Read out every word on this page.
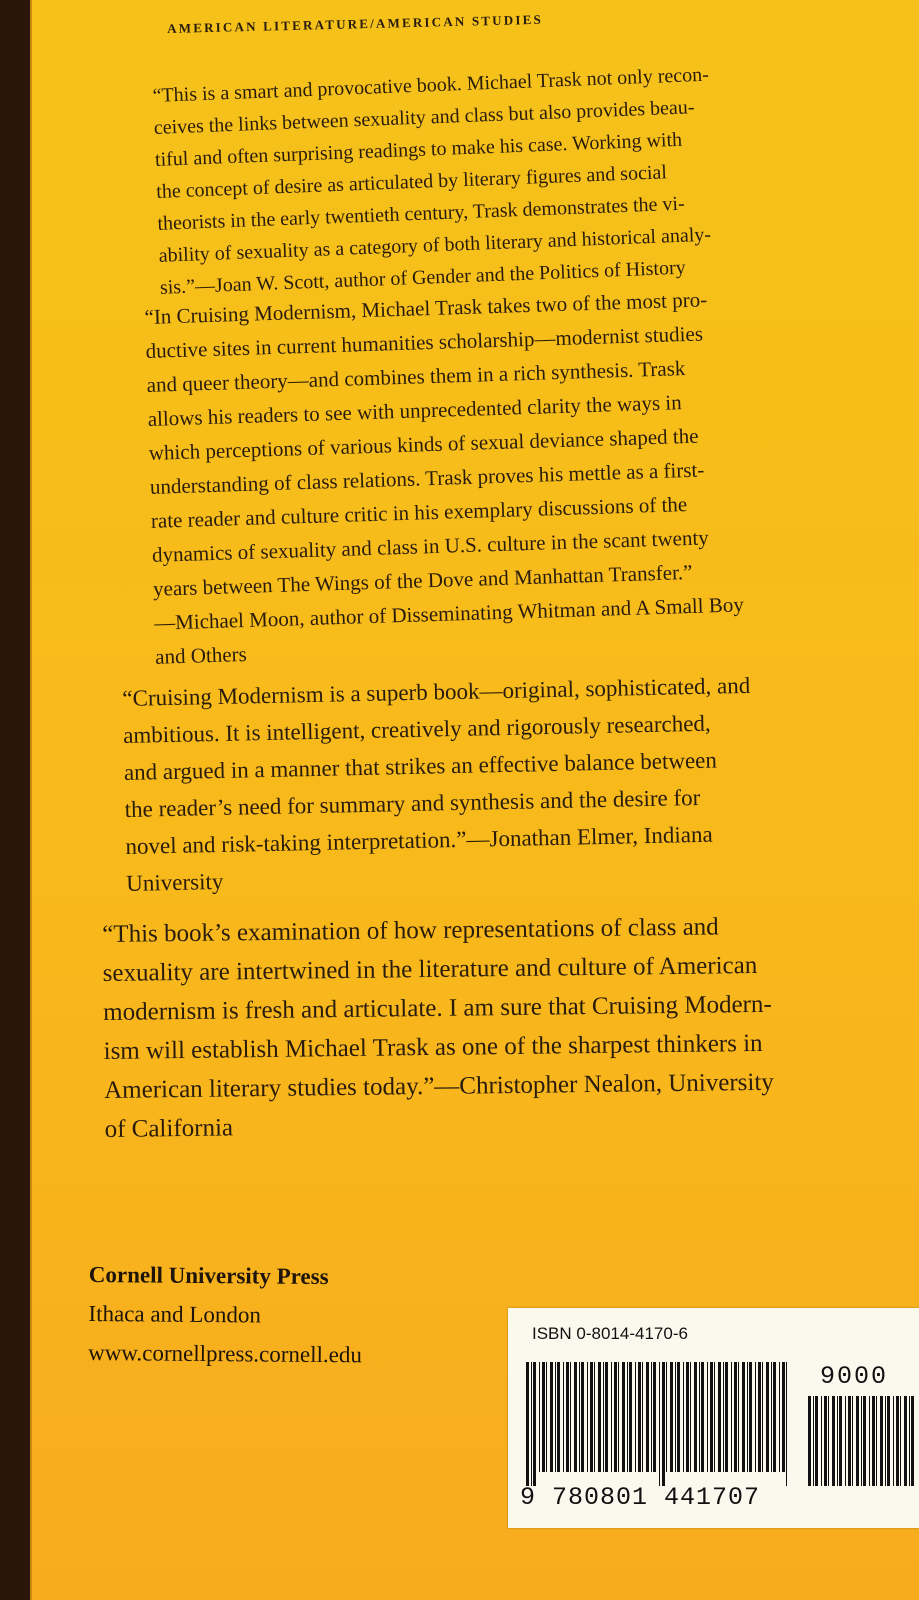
AMERICAN LITERATURE/AMERICAN STUDIES
“This is a smart and provocative book. Michael Trask not only recon-
ceives the links between sexuality and class but also provides beau-
tiful and often surprising readings to make his case. Working with
the concept of desire as articulated by literary figures and social
theorists in the early twentieth century, Trask demonstrates the vi-
ability of sexuality as a category of both literary and historical analy-
sis.”—Joan W. Scott, author of Gender and the Politics of History
“In Cruising Modernism, Michael Trask takes two of the most pro-
ductive sites in current humanities scholarship—modernist studies
and queer theory—and combines them in a rich synthesis. Trask
allows his readers to see with unprecedented clarity the ways in
which perceptions of various kinds of sexual deviance shaped the
understanding of class relations. Trask proves his mettle as a first-
rate reader and culture critic in his exemplary discussions of the
dynamics of sexuality and class in U.S. culture in the scant twenty
years between The Wings of the Dove and Manhattan Transfer.”
—Michael Moon, author of Disseminating Whitman and A Small Boy
and Others
“Cruising Modernism is a superb book—original, sophisticated, and
ambitious. It is intelligent, creatively and rigorously researched,
and argued in a manner that strikes an effective balance between
the reader’s need for summary and synthesis and the desire for
novel and risk-taking interpretation.”—Jonathan Elmer, Indiana
University
“This book’s examination of how representations of class and
sexuality are intertwined in the literature and culture of American
modernism is fresh and articulate. I am sure that Cruising Modern-
ism will establish Michael Trask as one of the sharpest thinkers in
American literary studies today.”—Christopher Nealon, University
of California
Cornell University Press
Ithaca and London
www.cornellpress.cornell.edu
ISBN 0-8014-4170-6
9000
9 780801 441707
